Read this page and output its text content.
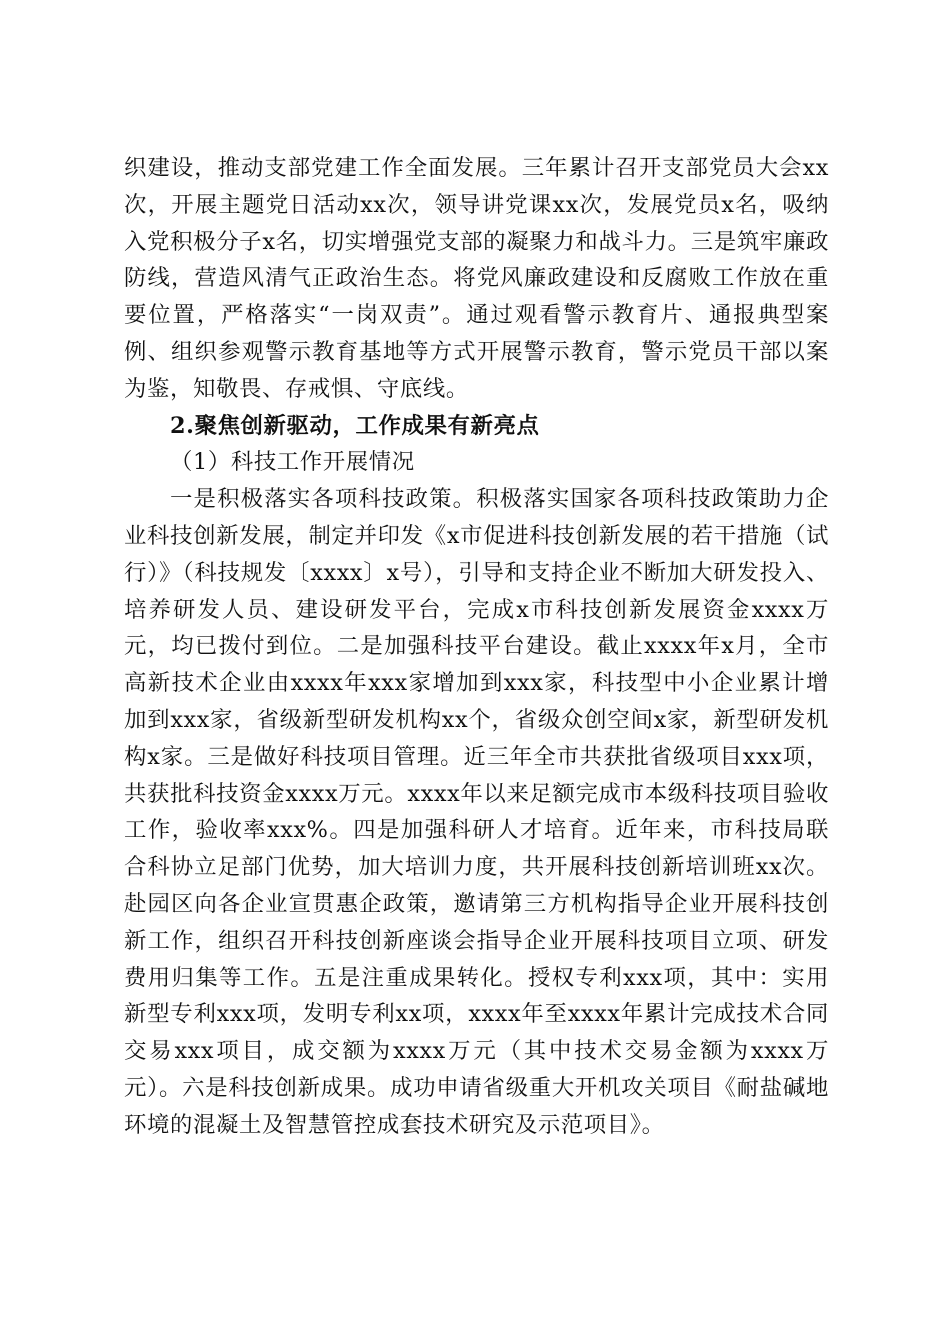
织建设，推动支部党建工作全面发展。三年累计召开支部党员大会xx次，开展主题党日活动xx次，领导讲党课xx次，发展党员x名，吸纳入党积极分子x名，切实增强党支部的凝聚力和战斗力。三是筑牢廉政防线，营造风清气正政治生态。将党风廉政建设和反腐败工作放在重要位置，严格落实“一岗双责”。通过观看警示教育片、通报典型案例、组织参观警示教育基地等方式开展警示教育，警示党员干部以案为鉴，知敬畏、存戒惧、守底线。

2.聚焦创新驱动，工作成果有新亮点

（1）科技工作开展情况

一是积极落实各项科技政策。积极落实国家各项科技政策助力企业科技创新发展，制定并印发《x市促进科技创新发展的若干措施（试行）》（科技规发〔xxxx〕x号），引导和支持企业不断加大研发投入、培养研发人员、建设研发平台，完成x市科技创新发展资金xxxx万元，均已拨付到位。二是加强科技平台建设。截止xxxx年x月，全市高新技术企业由xxxx年xxx家增加到xxx家，科技型中小企业累计增加到xxx家，省级新型研发机构xx个，省级众创空间x家，新型研发机构x家。三是做好科技项目管理。近三年全市共获批省级项目xxx项，共获批科技资金xxxx万元。xxxx年以来足额完成市本级科技项目验收工作，验收率xxx%。四是加强科研人才培育。近年来，市科技局联合科协立足部门优势，加大培训力度，共开展科技创新培训班xx次。赴园区向各企业宣贯惠企政策，邀请第三方机构指导企业开展科技创新工作，组织召开科技创新座谈会指导企业开展科技项目立项、研发费用归集等工作。五是注重成果转化。授权专利xxx项，其中：实用新型专利xxx项，发明专利xx项，xxxx年至xxxx年累计完成技术合同交易xxx项目，成交额为xxxx万元（其中技术交易金额为xxxx万元）。六是科技创新成果。成功申请省级重大开机攻关项目《耐盐碱地环境的混凝土及智慧管控成套技术研究及示范项目》。
